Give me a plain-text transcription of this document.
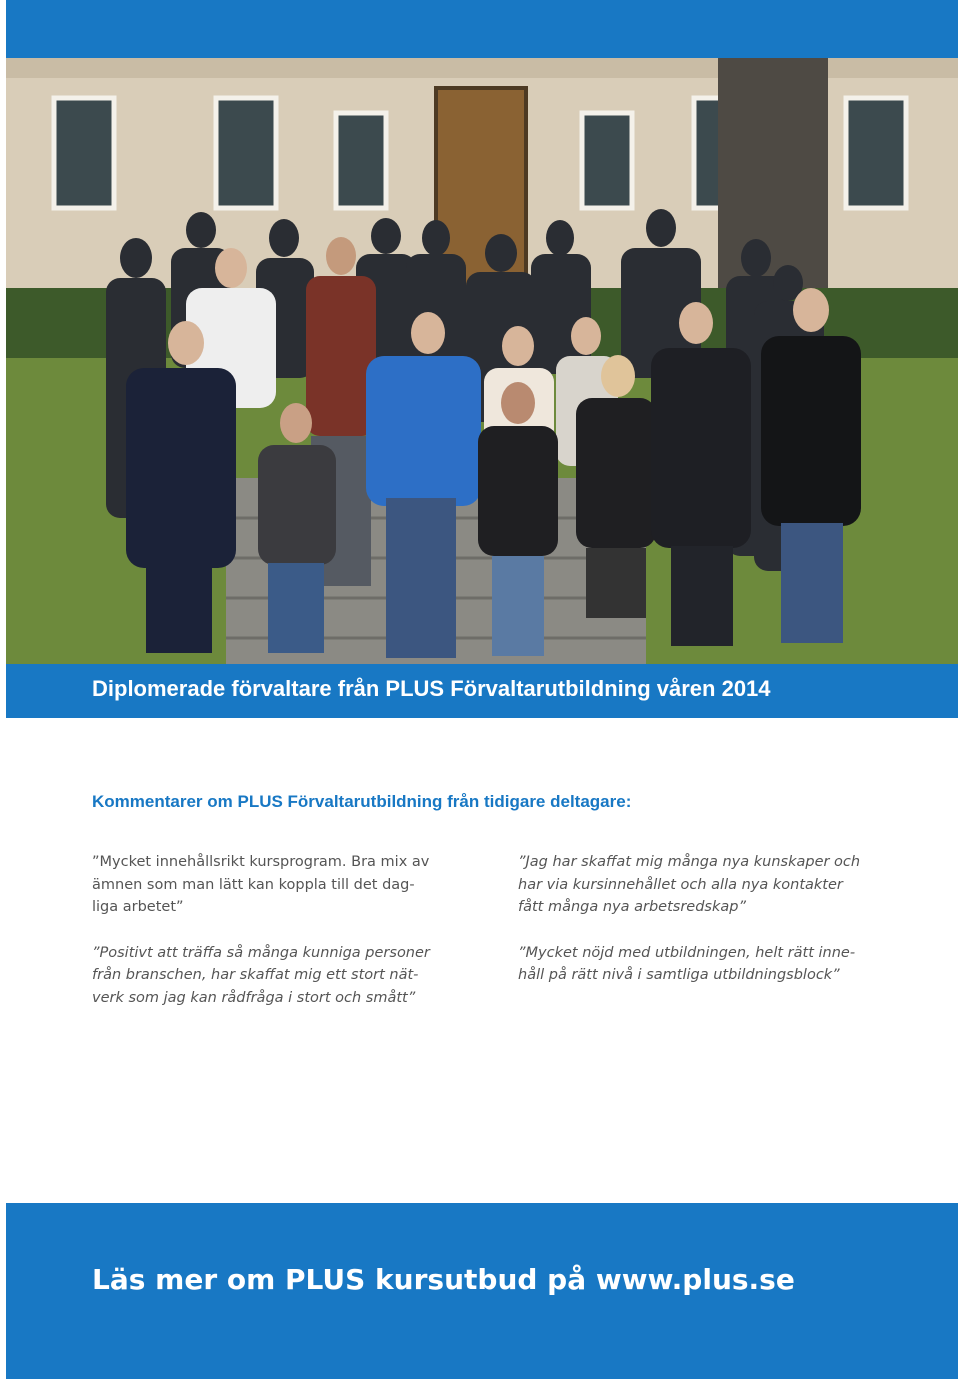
Diplomerade förvaltare från PLUS Förvaltarutbildning våren 2014
Kommentarer om PLUS Förvaltarutbildning från tidigare deltagare:

”Mycket innehållsrikt kursprogram. Bra mix av
ämnen som man lätt kan koppla till det dag-
liga arbetet”

”Positivt att träffa så många kunniga personer
från branschen, har skaffat mig ett stort nät-
verk som jag kan rådfråga i stort och smått”

”Jag har skaffat mig många nya kunskaper och
har via kursinnehållet och alla nya kontakter
fått många nya arbetsredskap”

”Mycket nöjd med utbildningen, helt rätt inne-
håll på rätt nivå i samtliga utbildningsblock”

Läs mer om PLUS kursutbud på www.plus.se
